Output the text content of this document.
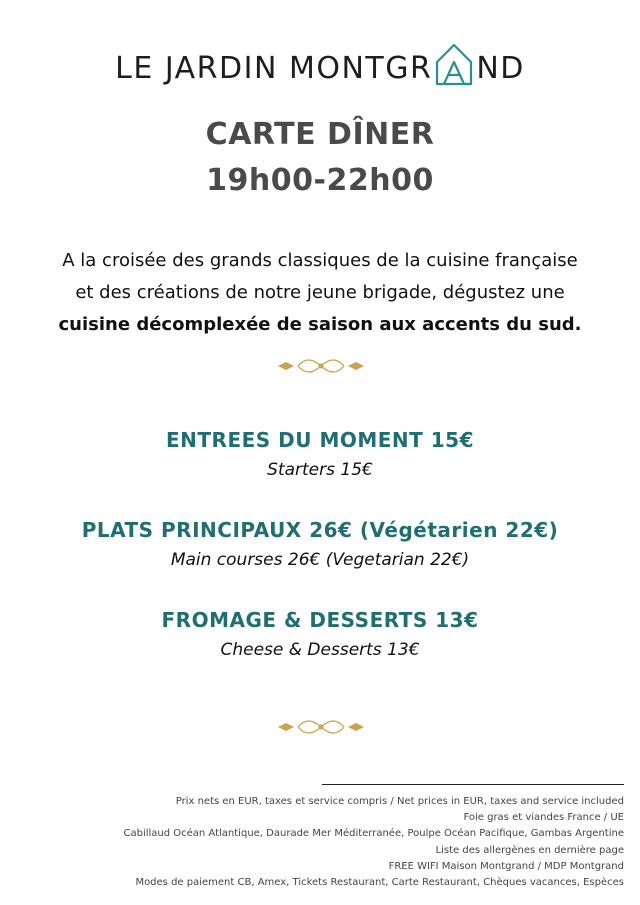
LE JARDIN MONTGR ND
CARTE DÎNER
19h00-22h00
A la croisée des grands classiques de la cuisine française
et des créations de notre jeune brigade, dégustez une
cuisine décomplexée de saison aux accents du sud.
ENTREES DU MOMENT 15€
Starters 15€
PLATS PRINCIPAUX 26€ (Végétarien 22€)
Main courses 26€ (Vegetarian 22€)
FROMAGE & DESSERTS 13€
Cheese & Desserts 13€
Prix nets en EUR, taxes et service compris / Net prices in EUR, taxes and service included
Foie gras et viandes France / UE
Cabillaud Océan Atlantique, Daurade Mer Méditerranée, Poulpe Océan Pacifique, Gambas Argentine
Liste des allergènes en dernière page
FREE WIFI Maison Montgrand / MDP Montgrand
Modes de paiement CB, Amex, Tickets Restaurant, Carte Restaurant, Chèques vacances, Espèces
